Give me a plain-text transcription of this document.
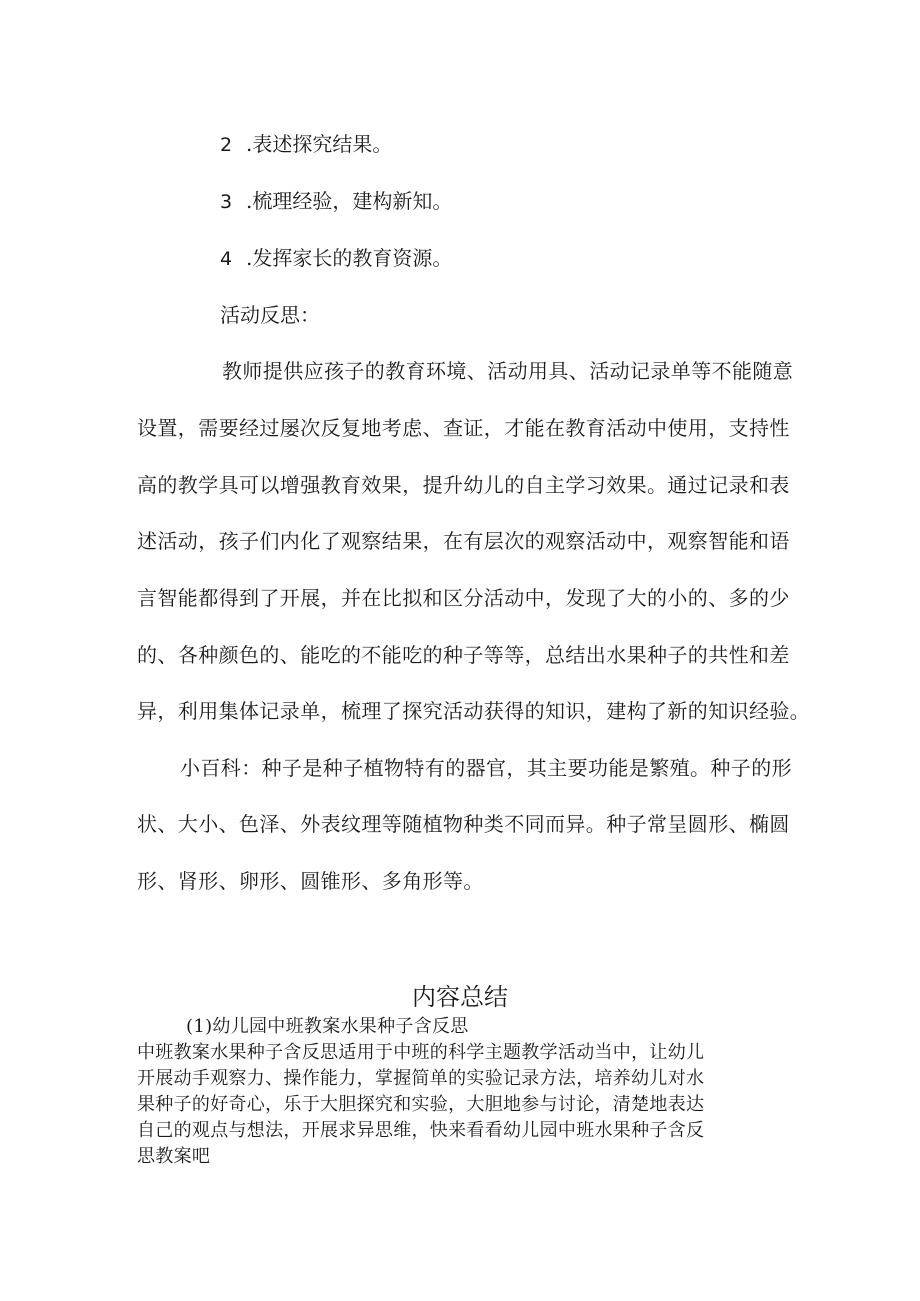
2 .表述探究结果。
3 .梳理经验，建构新知。
4 .发挥家长的教育资源。
活动反思：
教师提供应孩子的教育环境、活动用具、活动记录单等不能随意
设置，需要经过屡次反复地考虑、查证，才能在教育活动中使用，支持性
高的教学具可以增强教育效果，提升幼儿的自主学习效果。通过记录和表
述活动，孩子们内化了观察结果，在有层次的观察活动中，观察智能和语
言智能都得到了开展，并在比拟和区分活动中，发现了大的小的、多的少
的、各种颜色的、能吃的不能吃的种子等等，总结出水果种子的共性和差
异，利用集体记录单，梳理了探究活动获得的知识，建构了新的知识经验。
小百科：种子是种子植物特有的器官，其主要功能是繁殖。种子的形
状、大小、色泽、外表纹理等随植物种类不同而异。种子常呈圆形、椭圆
形、肾形、卵形、圆锥形、多角形等。
内容总结
(1)幼儿园中班教案水果种子含反思
中班教案水果种子含反思适用于中班的科学主题教学活动当中，让幼儿
开展动手观察力、操作能力，掌握简单的实验记录方法，培养幼儿对水
果种子的好奇心，乐于大胆探究和实验，大胆地参与讨论，清楚地表达
自己的观点与想法，开展求异思维，快来看看幼儿园中班水果种子含反
思教案吧
